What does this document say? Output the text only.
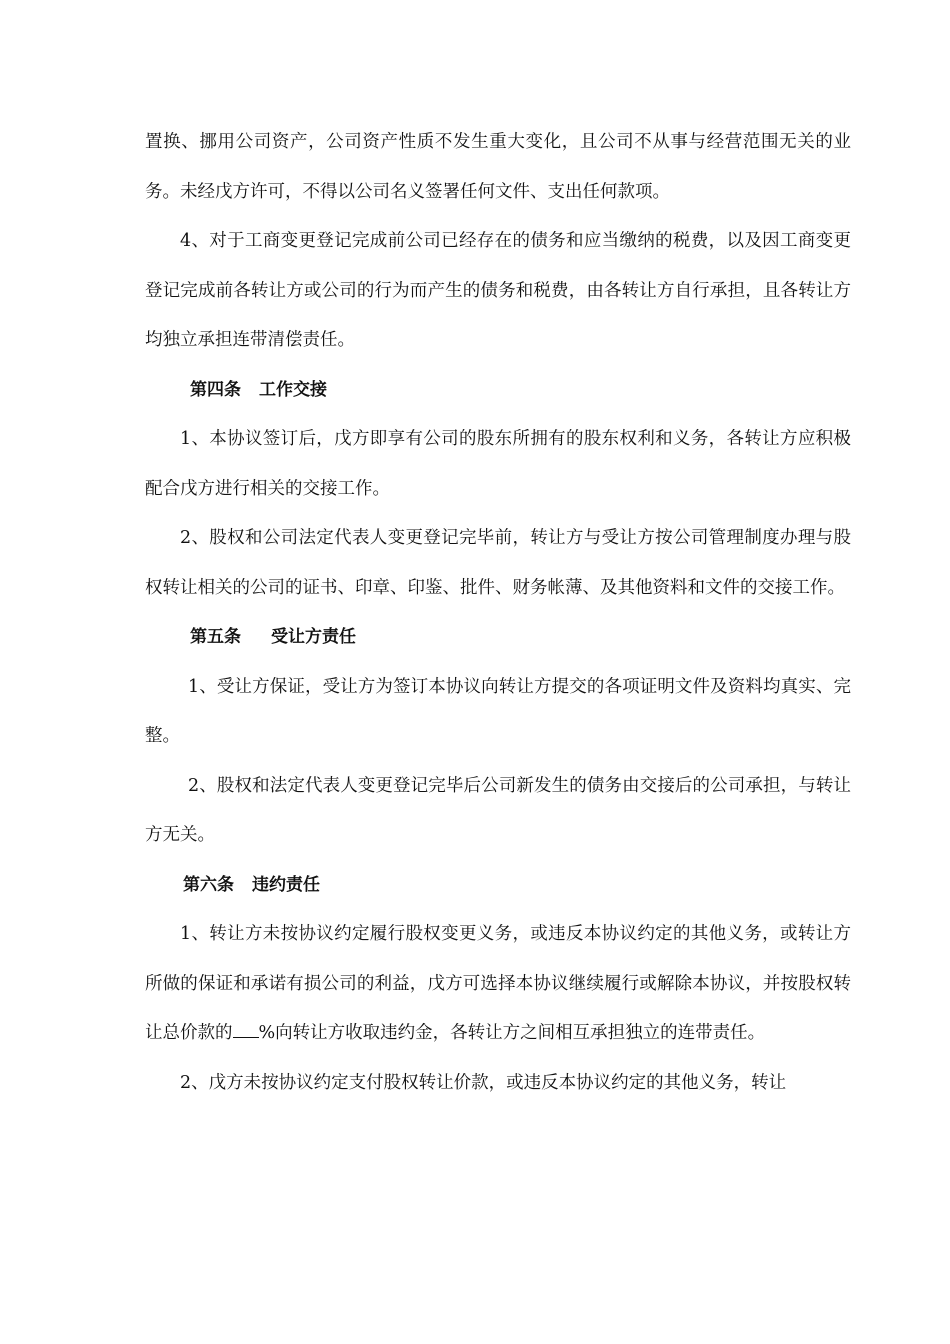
置换、挪用公司资产，公司资产性质不发生重大变化，且公司不从事与经营范围无关的业务。未经戊方许可，不得以公司名义签署任何文件、支出任何款项。

4、对于工商变更登记完成前公司已经存在的债务和应当缴纳的税费，以及因工商变更登记完成前各转让方或公司的行为而产生的债务和税费，由各转让方自行承担，且各转让方均独立承担连带清偿责任。

第四条 工作交接

1、本协议签订后，戊方即享有公司的股东所拥有的股东权利和义务，各转让方应积极配合戊方进行相关的交接工作。

2、股权和公司法定代表人变更登记完毕前，转让方与受让方按公司管理制度办理与股权转让相关的公司的证书、印章、印鉴、批件、财务帐薄、及其他资料和文件的交接工作。

第五条 受让方责任

1、受让方保证，受让方为签订本协议向转让方提交的各项证明文件及资料均真实、完整。

2、股权和法定代表人变更登记完毕后公司新发生的债务由交接后的公司承担，与转让方无关。

第六条 违约责任

1、转让方未按协议约定履行股权变更义务，或违反本协议约定的其他义务，或转让方所做的保证和承诺有损公司的利益，戊方可选择本协议继续履行或解除本协议，并按股权转让总价款的 %向转让方收取违约金，各转让方之间相互承担独立的连带责任。

2、戊方未按协议约定支付股权转让价款，或违反本协议约定的其他义务，转让
